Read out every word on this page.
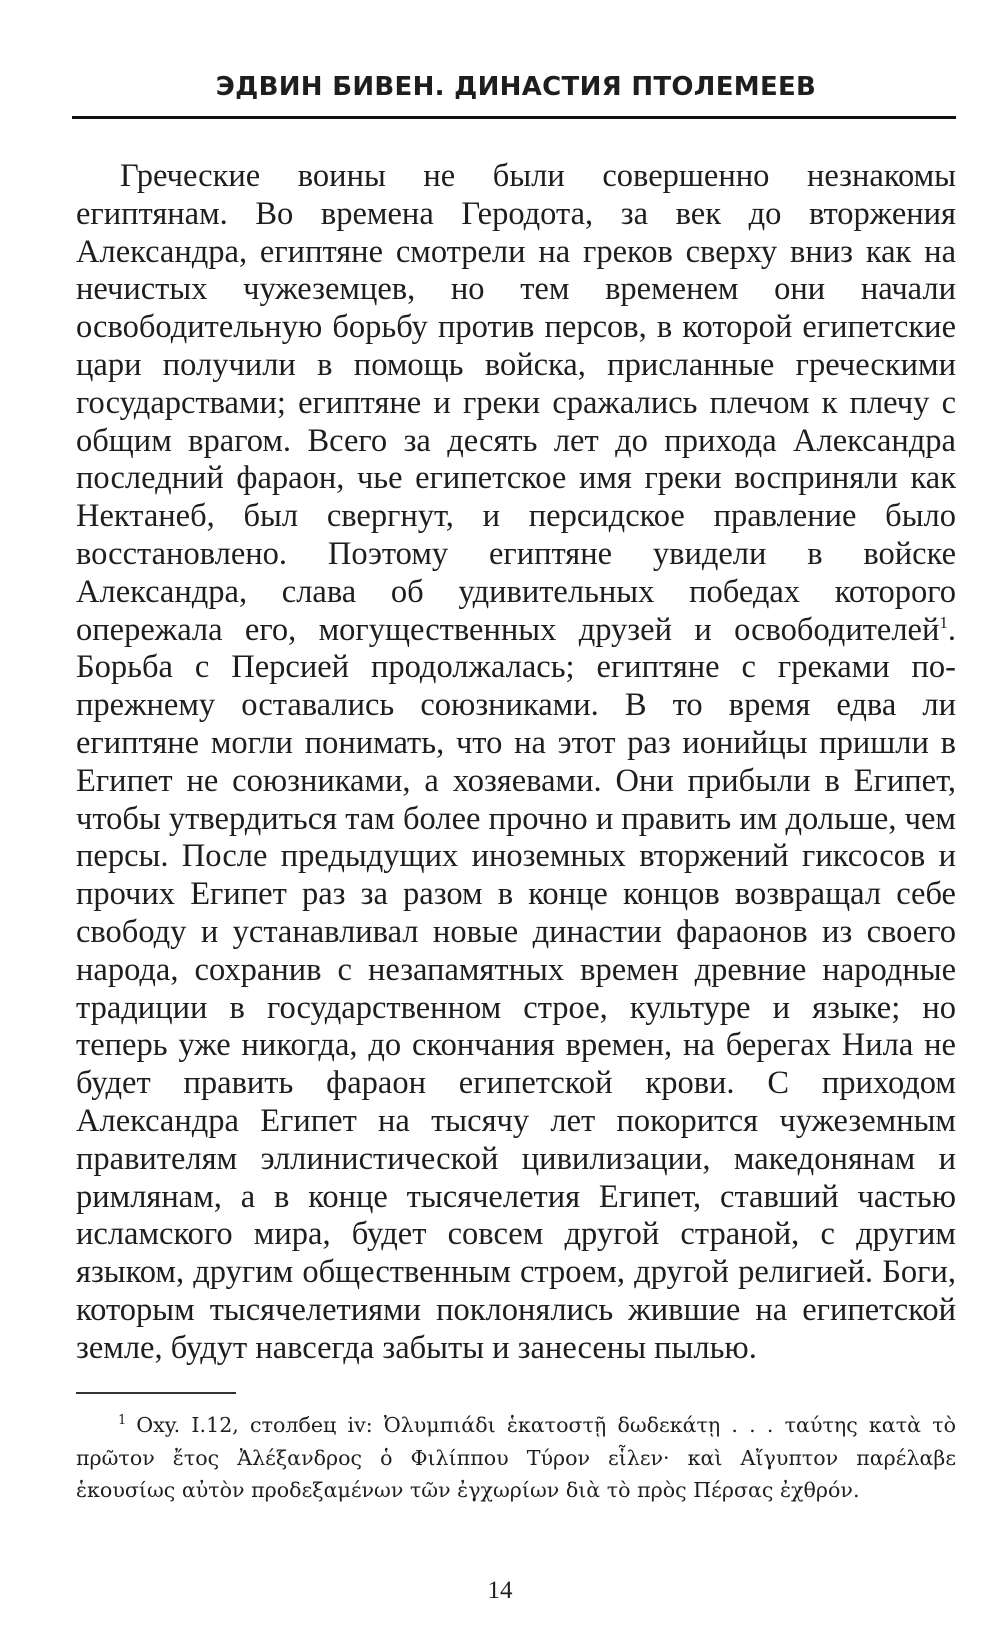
ЭДВИН БИВЕН. ДИНАСТИЯ ПТОЛЕМЕЕВ

Греческие воины не были совершенно незнакомы египтянам. Во времена Геродота, за век до вторжения Александра, египтяне смотрели на греков сверху вниз как на нечистых чужеземцев, но тем временем они начали освободительную борьбу против персов, в которой египетские цари получили в помощь войска, присланные греческими государствами; египтяне и греки сражались плечом к плечу с общим врагом. Всего за десять лет до прихода Александра последний фараон, чье египетское имя греки восприняли как Нектанеб, был свергнут, и персидское правление было восстановлено. Поэтому египтяне увидели в войске Александра, слава об удивительных победах которого опережала его, могущественных друзей и освободителей$^1$. Борьба с Персией продолжалась; египтяне с греками по-прежнему оставались союзниками. В то время едва ли египтяне могли понимать, что на этот раз ионийцы пришли в Египет не союзниками, а хозяевами. Они прибыли в Египет, чтобы утвердиться там более прочно и править им дольше, чем персы. После предыдущих иноземных вторжений гиксосов и прочих Египет раз за разом в конце концов возвращал себе свободу и устанавливал новые династии фараонов из своего народа, сохранив с незапамятных времен древние народные традиции в государственном строе, культуре и языке; но теперь уже никогда, до скончания времен, на берегах Нила не будет править фараон египетской крови. С приходом Александра Египет на тысячу лет покорится чужеземным правителям эллинистической цивилизации, македонянам и римлянам, а в конце тысячелетия Египет, ставший частью исламского мира, будет совсем другой страной, с другим языком, другим общественным строем, другой религией. Боги, которым тысячелетиями поклонялись жившие на египетской земле, будут навсегда забыты и занесены пылью.

$^1$ Oxy. I.12, столбец iv: Ὀλυμπιάδι ἑκατοστῇ δωδεκάτῃ . . . ταύτης κατὰ τὸ πρῶτον ἔτος Ἀλέξανδρος ὁ Φιλίππου Τύρον εἷλεν· καὶ Αἴγυπτον παρέλαβε ἑκουσίως αὐτὸν προδεξαμένων τῶν ἐγχωρίων διὰ τὸ πρὸς Πέρσας ἐχθρόν.

14
